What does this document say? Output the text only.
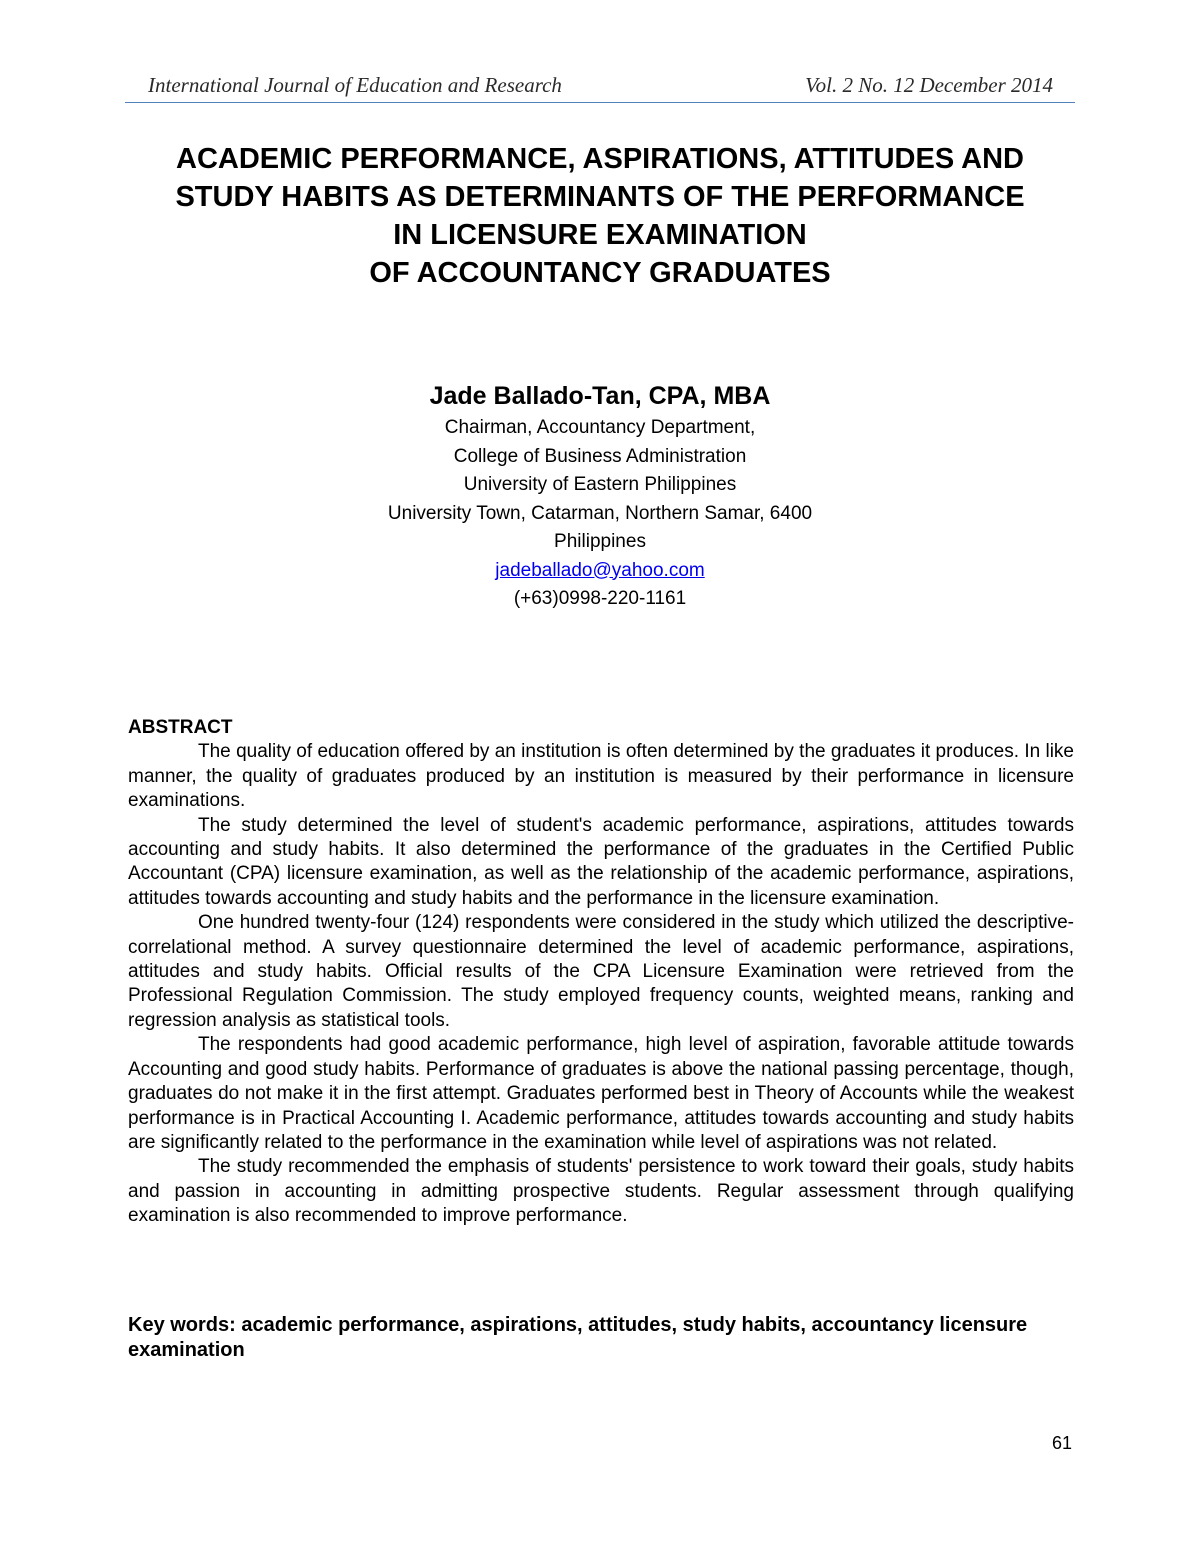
International Journal of Education and Research	Vol. 2 No. 12 December 2014
ACADEMIC PERFORMANCE, ASPIRATIONS, ATTITUDES AND
STUDY HABITS AS DETERMINANTS OF THE PERFORMANCE
IN LICENSURE EXAMINATION
OF ACCOUNTANCY GRADUATES
Jade Ballado-Tan, CPA, MBA
Chairman, Accountancy Department,
College of Business Administration
University of Eastern Philippines
University Town, Catarman, Northern Samar, 6400
Philippines
jadeballado@yahoo.com
(+63)0998-220-1161
ABSTRACT

The quality of education offered by an institution is often determined by the graduates it produces. In like manner, the quality of graduates produced by an institution is measured by their performance in licensure examinations.

The study determined the level of student's academic performance, aspirations, attitudes towards accounting and study habits. It also determined the performance of the graduates in the Certified Public Accountant (CPA) licensure examination, as well as the relationship of the academic performance, aspirations, attitudes towards accounting and study habits and the performance in the licensure examination.

One hundred twenty-four (124) respondents were considered in the study which utilized the descriptive-correlational method. A survey questionnaire determined the level of academic performance, aspirations, attitudes and study habits. Official results of the CPA Licensure Examination were retrieved from the Professional Regulation Commission. The study employed frequency counts, weighted means, ranking and regression analysis as statistical tools.

The respondents had good academic performance, high level of aspiration, favorable attitude towards Accounting and good study habits. Performance of graduates is above the national passing percentage, though, graduates do not make it in the first attempt. Graduates performed best in Theory of Accounts while the weakest performance is in Practical Accounting I. Academic performance, attitudes towards accounting and study habits are significantly related to the performance in the examination while level of aspirations was not related.

The study recommended the emphasis of students' persistence to work toward their goals, study habits and passion in accounting in admitting prospective students. Regular assessment through qualifying examination is also recommended to improve performance.

Key words: academic performance, aspirations, attitudes, study habits, accountancy licensure examination
61
